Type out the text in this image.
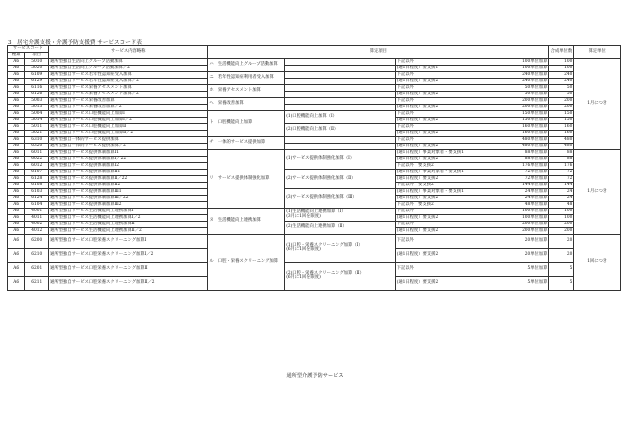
3　居宅介護支援・介護予防支援費 サービスコード表
サービスコード		サービス内容略称	算定項目				合成単位数	算定単位
種類	項目							
A6	5010	通所型独自生活向上グループ活動加算	ハ　生活機能向上グループ活動加算		下記以外	100単位加算	100	1月につき
A6	5020	通所型独自生活向上グループ活動加算／2			(通1日程度）要支援1	100単位加算	100	
A6	6109	通所型独自サービス若年性認知症受入加算	ニ　若年性認知症利用者受入加算		下記以外	240単位加算	240	
A6	6129	通所型独自サービス若年性認知症受入加算／2			(通1日程度）要支援2	240単位加算	240	
A6	6116	通所型独自サービス栄養アセスメント加算	ホ　栄養アセスメント加算		下記以外	50単位加算	50	
A6	6126	通所型独自サービス栄養アセスメント加算／2			(通1日程度）要支援2	50単位加算	50	
A6	5003	通所型独自サービス栄養改善加算	ヘ　栄養改善加算		下記以外	200単位加算	200	
A6	5013	通所型独自サービス栄養改善加算／2			(通1日程度）要支援2	200単位加算	200	
A6	5004	通所型独自サービス口腔機能向上加算Ⅰ	ト　口腔機能向上加算	(1)口腔機能向上加算（Ⅰ）	下記以外	150単位加算	150	
A6	5014	通所型独自サービス口腔機能向上加算Ⅰ／2			(通1日程度）要支援2	150単位加算	150	
A6	5011	通所型独自サービス口腔機能向上加算Ⅱ		(2)口腔機能向上加算（Ⅱ）	下記以外	160単位加算	160	
A6	5021	通所型独自サービス口腔機能向上加算Ⅱ／2			(通1日程度）要支援2	160単位加算	160	
A6	6310	通所型独自一体的サービス提供加算	チ　一体的サービス提供加算		下記以外	480単位加算	480	
A6	6320	通所型独自一体的サービス提供加算／2			(通1日程度）要支援2	480単位加算	480	
A6	6011	通所型独自サービス提供体制加算Ⅰ1	リ　サービス提供体制強化加算	(1)サービス提供体制強化加算（Ⅰ）	(通1日程度）事業対象者・要支援1	88単位加算	88	1月につき
A6	6022	通所型独自サービス提供体制加算Ⅰ／22			(通1日程度）要支援2	88単位加算	88	
A6	6012	通所型独自サービス提供体制加算Ⅰ2			下記以外　要支援2	176単位加算	176	
A6	6107	通所型独自サービス提供体制加算Ⅱ1		(2)サービス提供体制強化加算（Ⅱ）	(通1日程度）事業対象者・要支援1	72単位加算	72	
A6	6128	通所型独自サービス提供体制加算Ⅱ／22			(通1日程度）要支援2	72単位加算	72	
A6	6108	通所型独自サービス提供体制加算Ⅱ2			下記以外　要支援2	144単位加算	144	
A6	6103	通所型独自サービス提供体制加算Ⅲ1		(3)サービス提供体制強化加算（Ⅲ）	(通1日程度）事業対象者・要支援1	24単位加算	24	
A6	6124	通所型独自サービス提供体制加算Ⅲ／22			(通1日程度）要支援2	24単位加算	24	
A6	6104	通所型独自サービス提供体制加算Ⅲ2			下記以外　要支援2	48単位加算	48	
A6	4001	通所型独自サービス生活機能向上連携加算Ⅰ	ヌ　生活機能向上連携加算	(1)生活機能向上連携加算（Ⅰ）
(3月に1回を限度)	下記以外	100単位加算	100	
A6	4011	通所型独自サービス生活機能向上連携加算Ⅰ／2			(通1日程度）要支援2	100単位加算	100	
A6	4002	通所型独自サービス生活機能向上連携加算Ⅱ		(2)生活機能向上連携加算（Ⅱ）	下記以外	200単位加算	200	
A6	4012	通所型独自サービス生活機能向上連携加算Ⅱ／2			(通1日程度）要支援2	200単位加算	200	
A6	6200	通所型独自サービス口腔栄養スクリーニング加算Ⅰ	ル　口腔・栄養スクリーニング加算	(1)口腔・栄養スクリーニング加算（Ⅰ）
(6月に1回を限度)	下記以外	20単位加算	20	1回につき
A6	6210	通所型独自サービス口腔栄養スクリーニング加算Ⅰ／2			(通1日程度）要支援2	20単位加算	20	
A6	6201	通所型独自サービス口腔栄養スクリーニング加算Ⅱ		(2)口腔・栄養スクリーニング加算（Ⅱ）
(6月に1回を限度)	下記以外	5単位加算	5	
A6	6211	通所型独自サービス口腔栄養スクリーニング加算Ⅱ／2			(通1日程度）要支援2	5単位加算	5	
通所型介護予防サービス
